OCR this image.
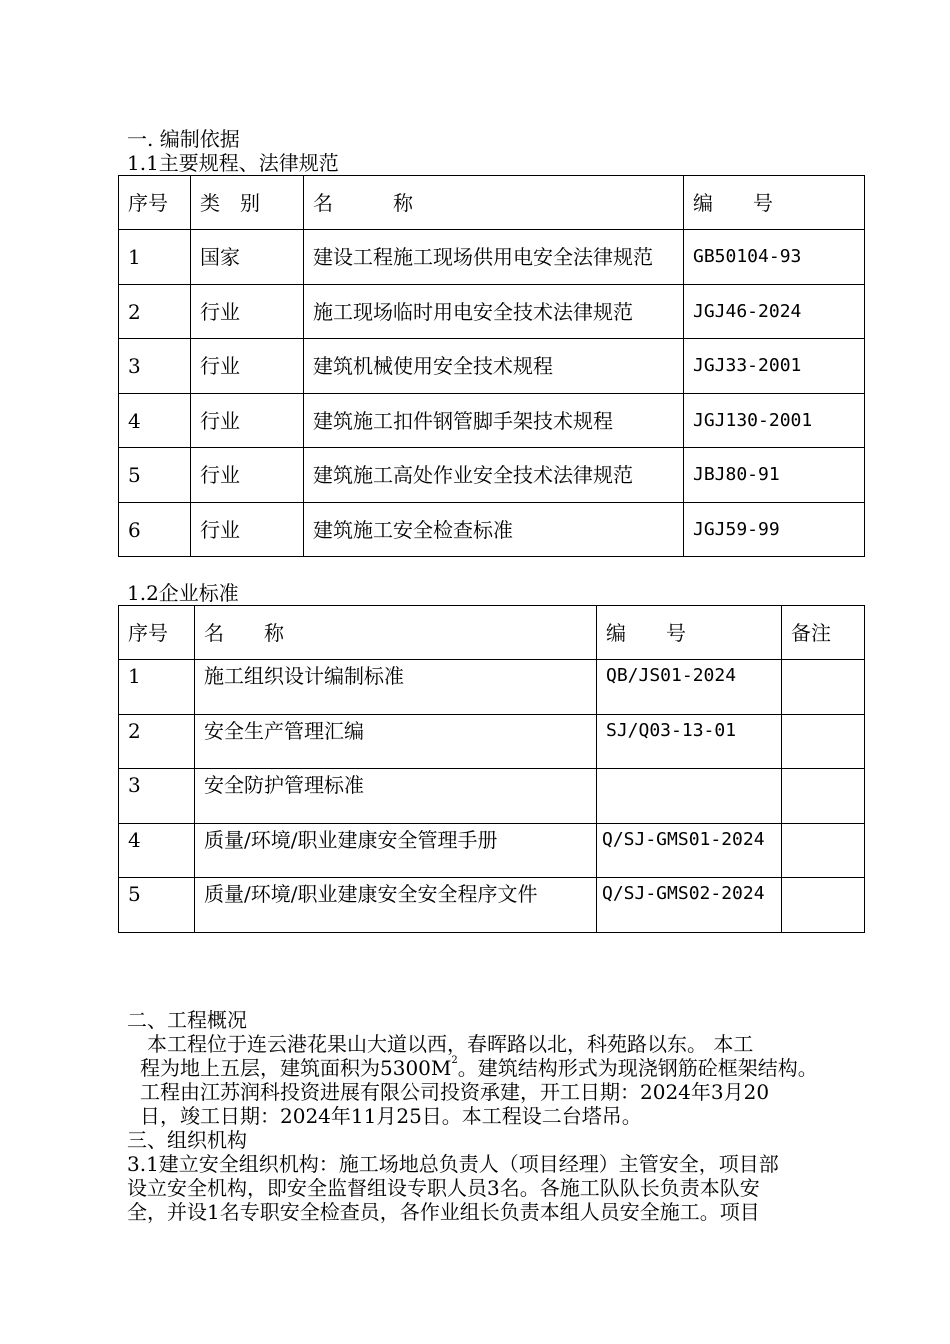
一. 编制依据
1.1主要规程、法律规范
序号	类　别	名　　　称	编　　号
1	国家	建设工程施工现场供用电安全法律规范	GB50104-93
2	行业	施工现场临时用电安全技术法律规范	JGJ46-2024
3	行业	建筑机械使用安全技术规程	JGJ33-2001
4	行业	建筑施工扣件钢管脚手架技术规程	JGJ130-2001
5	行业	建筑施工高处作业安全技术法律规范	JBJ80-91
6	行业	建筑施工安全检查标准	JGJ59-99
1.2企业标准
序号	名　　称	编　　号	备注
1	施工组织设计编制标准	QB/JS01-2024	
2	安全生产管理汇编	SJ/Q03-13-01	
3	安全防护管理标准		
4	质量/环境/职业建康安全管理手册	Q/SJ-GMS01-2024	
5	质量/环境/职业建康安全安全程序文件	Q/SJ-GMS02-2024	
二、工程概况
　本工程位于连云港花果山大道以西，春晖路以北，科苑路以东。 本工
程为地上五层，建筑面积为$5300M^2$。建筑结构形式为现浇钢筋砼框架结构。
工程由江苏润科投资进展有限公司投资承建，开工日期：2024年3月20
日，竣工日期：2024年11月25日。本工程设二台塔吊。
三、组织机构
3.1建立安全组织机构：施工场地总负责人（项目经理）主管安全，项目部
设立安全机构，即安全监督组设专职人员3名。各施工队队长负责本队安
全，并设1名专职安全检查员，各作业组长负责本组人员安全施工。项目
